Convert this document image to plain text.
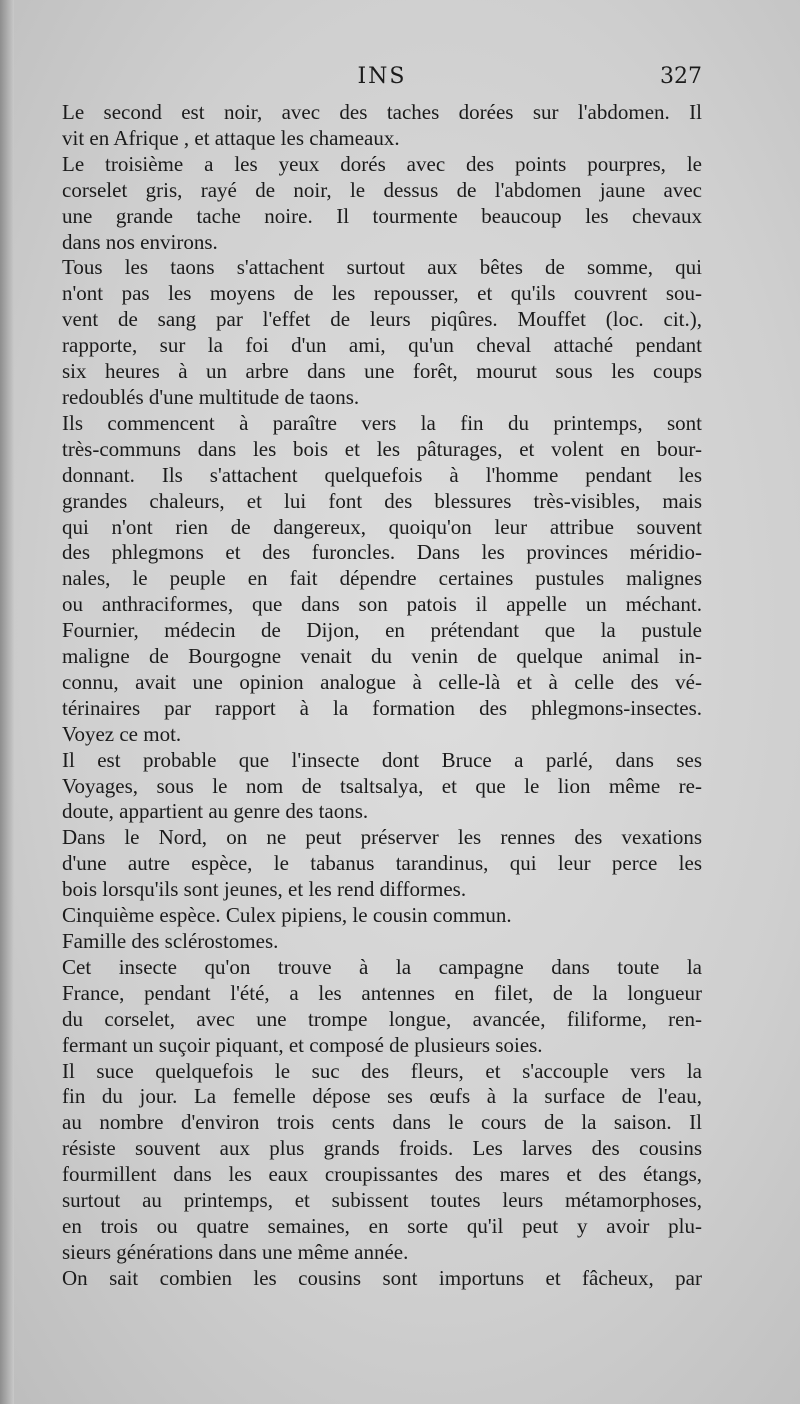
INS	327
Le second est noir, avec des taches dorées sur l'abdomen. Il
vit en Afrique , et attaque les chameaux.
Le troisième a les yeux dorés avec des points pourpres, le
corselet gris, rayé de noir, le dessus de l'abdomen jaune avec
une grande tache noire. Il tourmente beaucoup les chevaux
dans nos environs.
Tous les taons s'attachent surtout aux bêtes de somme, qui
n'ont pas les moyens de les repousser, et qu'ils couvrent sou-
vent de sang par l'effet de leurs piqûres. Mouffet (loc. cit.),
rapporte, sur la foi d'un ami, qu'un cheval attaché pendant
six heures à un arbre dans une forêt, mourut sous les coups
redoublés d'une multitude de taons.
Ils commencent à paraître vers la fin du printemps, sont
très-communs dans les bois et les pâturages, et volent en bour-
donnant. Ils s'attachent quelquefois à l'homme pendant les
grandes chaleurs, et lui font des blessures très-visibles, mais
qui n'ont rien de dangereux, quoiqu'on leur attribue souvent
des phlegmons et des furoncles. Dans les provinces méridio-
nales, le peuple en fait dépendre certaines pustules malignes
ou anthraciformes, que dans son patois il appelle un méchant.
Fournier, médecin de Dijon, en prétendant que la pustule
maligne de Bourgogne venait du venin de quelque animal in-
connu, avait une opinion analogue à celle-là et à celle des vé-
térinaires par rapport à la formation des phlegmons-insectes.
Voyez ce mot.
Il est probable que l'insecte dont Bruce a parlé, dans ses
Voyages, sous le nom de tsaltsalya, et que le lion même re-
doute, appartient au genre des taons.
Dans le Nord, on ne peut préserver les rennes des vexations
d'une autre espèce, le tabanus tarandinus, qui leur perce les
bois lorsqu'ils sont jeunes, et les rend difformes.
Cinquième espèce. Culex pipiens, le cousin commun.
Famille des sclérostomes.
Cet insecte qu'on trouve à la campagne dans toute la
France, pendant l'été, a les antennes en filet, de la longueur
du corselet, avec une trompe longue, avancée, filiforme, ren-
fermant un suçoir piquant, et composé de plusieurs soies.
Il suce quelquefois le suc des fleurs, et s'accouple vers la
fin du jour. La femelle dépose ses œufs à la surface de l'eau,
au nombre d'environ trois cents dans le cours de la saison. Il
résiste souvent aux plus grands froids. Les larves des cousins
fourmillent dans les eaux croupissantes des mares et des étangs,
surtout au printemps, et subissent toutes leurs métamorphoses,
en trois ou quatre semaines, en sorte qu'il peut y avoir plu-
sieurs générations dans une même année.
On sait combien les cousins sont importuns et fâcheux, par
